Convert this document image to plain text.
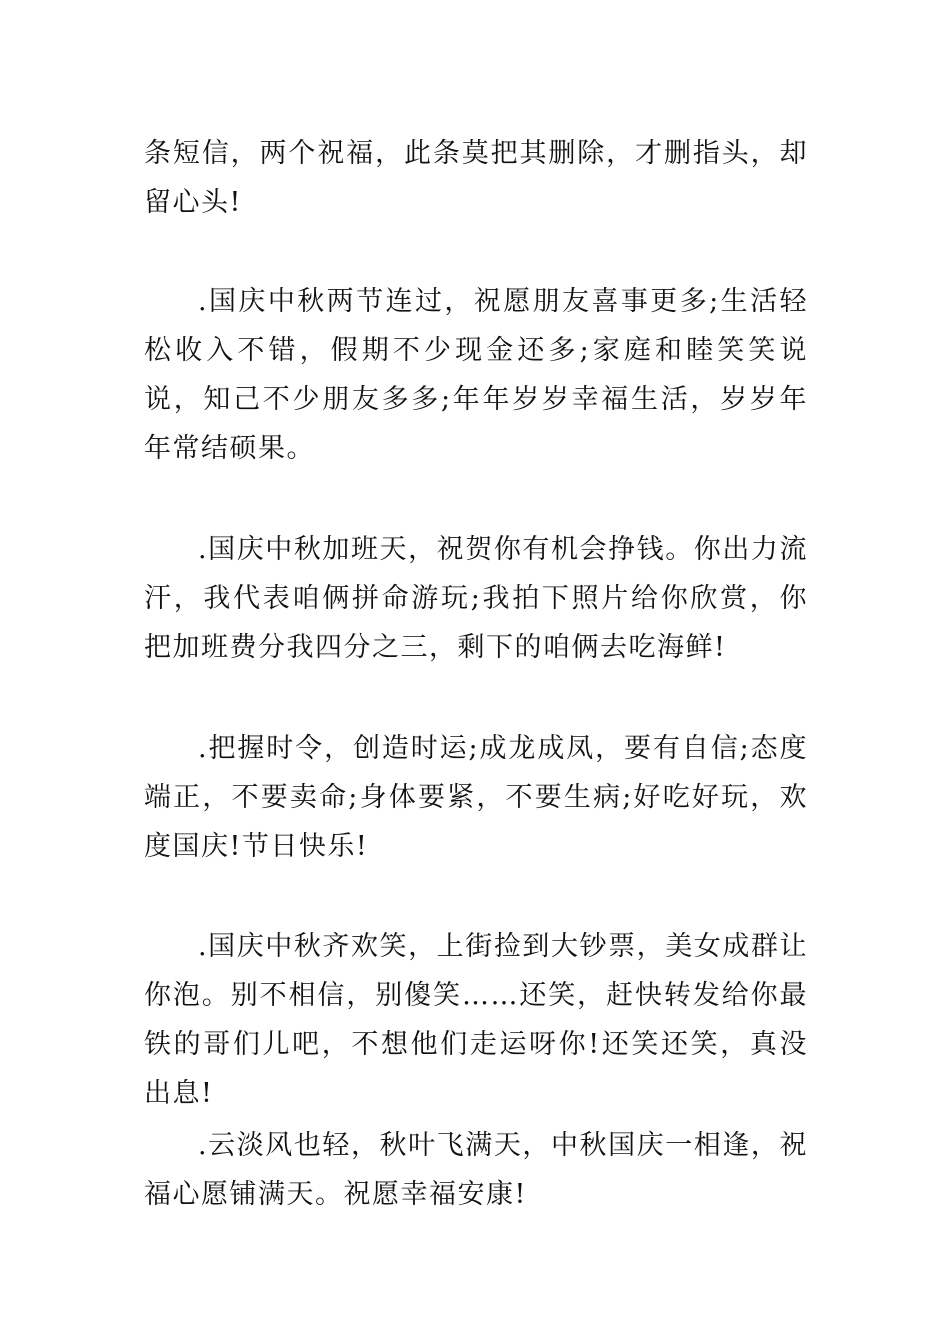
条短信，两个祝福，此条莫把其删除，才删指头，却留心头!

.国庆中秋两节连过，祝愿朋友喜事更多;生活轻松收入不错，假期不少现金还多;家庭和睦笑笑说说，知己不少朋友多多;年年岁岁幸福生活，岁岁年年常结硕果。

.国庆中秋加班天，祝贺你有机会挣钱。你出力流汗，我代表咱俩拼命游玩;我拍下照片给你欣赏，你把加班费分我四分之三，剩下的咱俩去吃海鲜!

.把握时令，创造时运;成龙成凤，要有自信;态度端正，不要卖命;身体要紧，不要生病;好吃好玩，欢度国庆!节日快乐!

.国庆中秋齐欢笑，上街捡到大钞票，美女成群让你泡。别不相信，别傻笑……还笑，赶快转发给你最铁的哥们儿吧，不想他们走运呀你!还笑还笑，真没出息!

.云淡风也轻，秋叶飞满天，中秋国庆一相逢，祝福心愿铺满天。祝愿幸福安康!
